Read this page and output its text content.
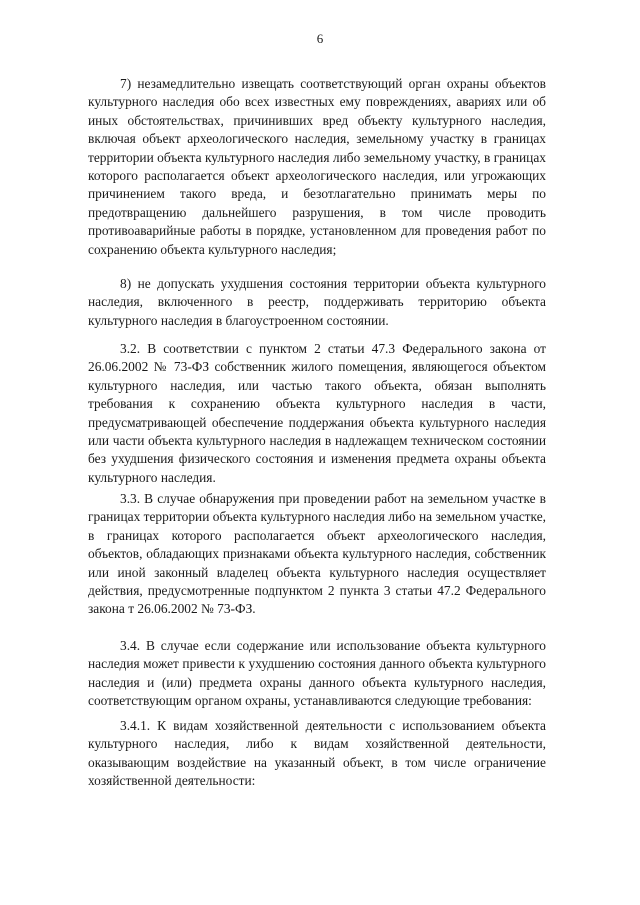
6

7) незамедлительно извещать соответствующий орган охраны объектов культурного наследия обо всех известных ему повреждениях, авариях или об иных обстоятельствах, причинивших вред объекту культурного наследия, включая объект археологического наследия, земельному участку в границах территории объекта культурного наследия либо земельному участку, в границах которого располагается объект археологического наследия, или угрожающих причинением такого вреда, и безотлагательно принимать меры по предотвращению дальнейшего разрушения, в том числе проводить противоаварийные работы в порядке, установленном для проведения работ по сохранению объекта культурного наследия;

8) не допускать ухудшения состояния территории объекта культурного наследия, включенного в реестр, поддерживать территорию объекта культурного наследия в благоустроенном состоянии.

3.2. В соответствии с пунктом 2 статьи 47.3 Федерального закона от 26.06.2002 № 73-ФЗ собственник жилого помещения, являющегося объектом культурного наследия, или частью такого объекта, обязан выполнять требования к сохранению объекта культурного наследия в части, предусматривающей обеспечение поддержания объекта культурного наследия или части объекта культурного наследия в надлежащем техническом состоянии без ухудшения физического состояния и изменения предмета охраны объекта культурного наследия.

3.3. В случае обнаружения при проведении работ на земельном участке в границах территории объекта культурного наследия либо на земельном участке, в границах которого располагается объект археологического наследия, объектов, обладающих признаками объекта культурного наследия, собственник или иной законный владелец объекта культурного наследия осуществляет действия, предусмотренные подпунктом 2 пункта 3 статьи 47.2 Федерального закона т 26.06.2002 № 73-ФЗ.

3.4. В случае если содержание или использование объекта культурного наследия может привести к ухудшению состояния данного объекта культурного наследия и (или) предмета охраны данного объекта культурного наследия, соответствующим органом охраны, устанавливаются следующие требования:

3.4.1. К видам хозяйственной деятельности с использованием объекта культурного наследия, либо к видам хозяйственной деятельности, оказывающим воздействие на указанный объект, в том числе ограничение хозяйственной деятельности:
